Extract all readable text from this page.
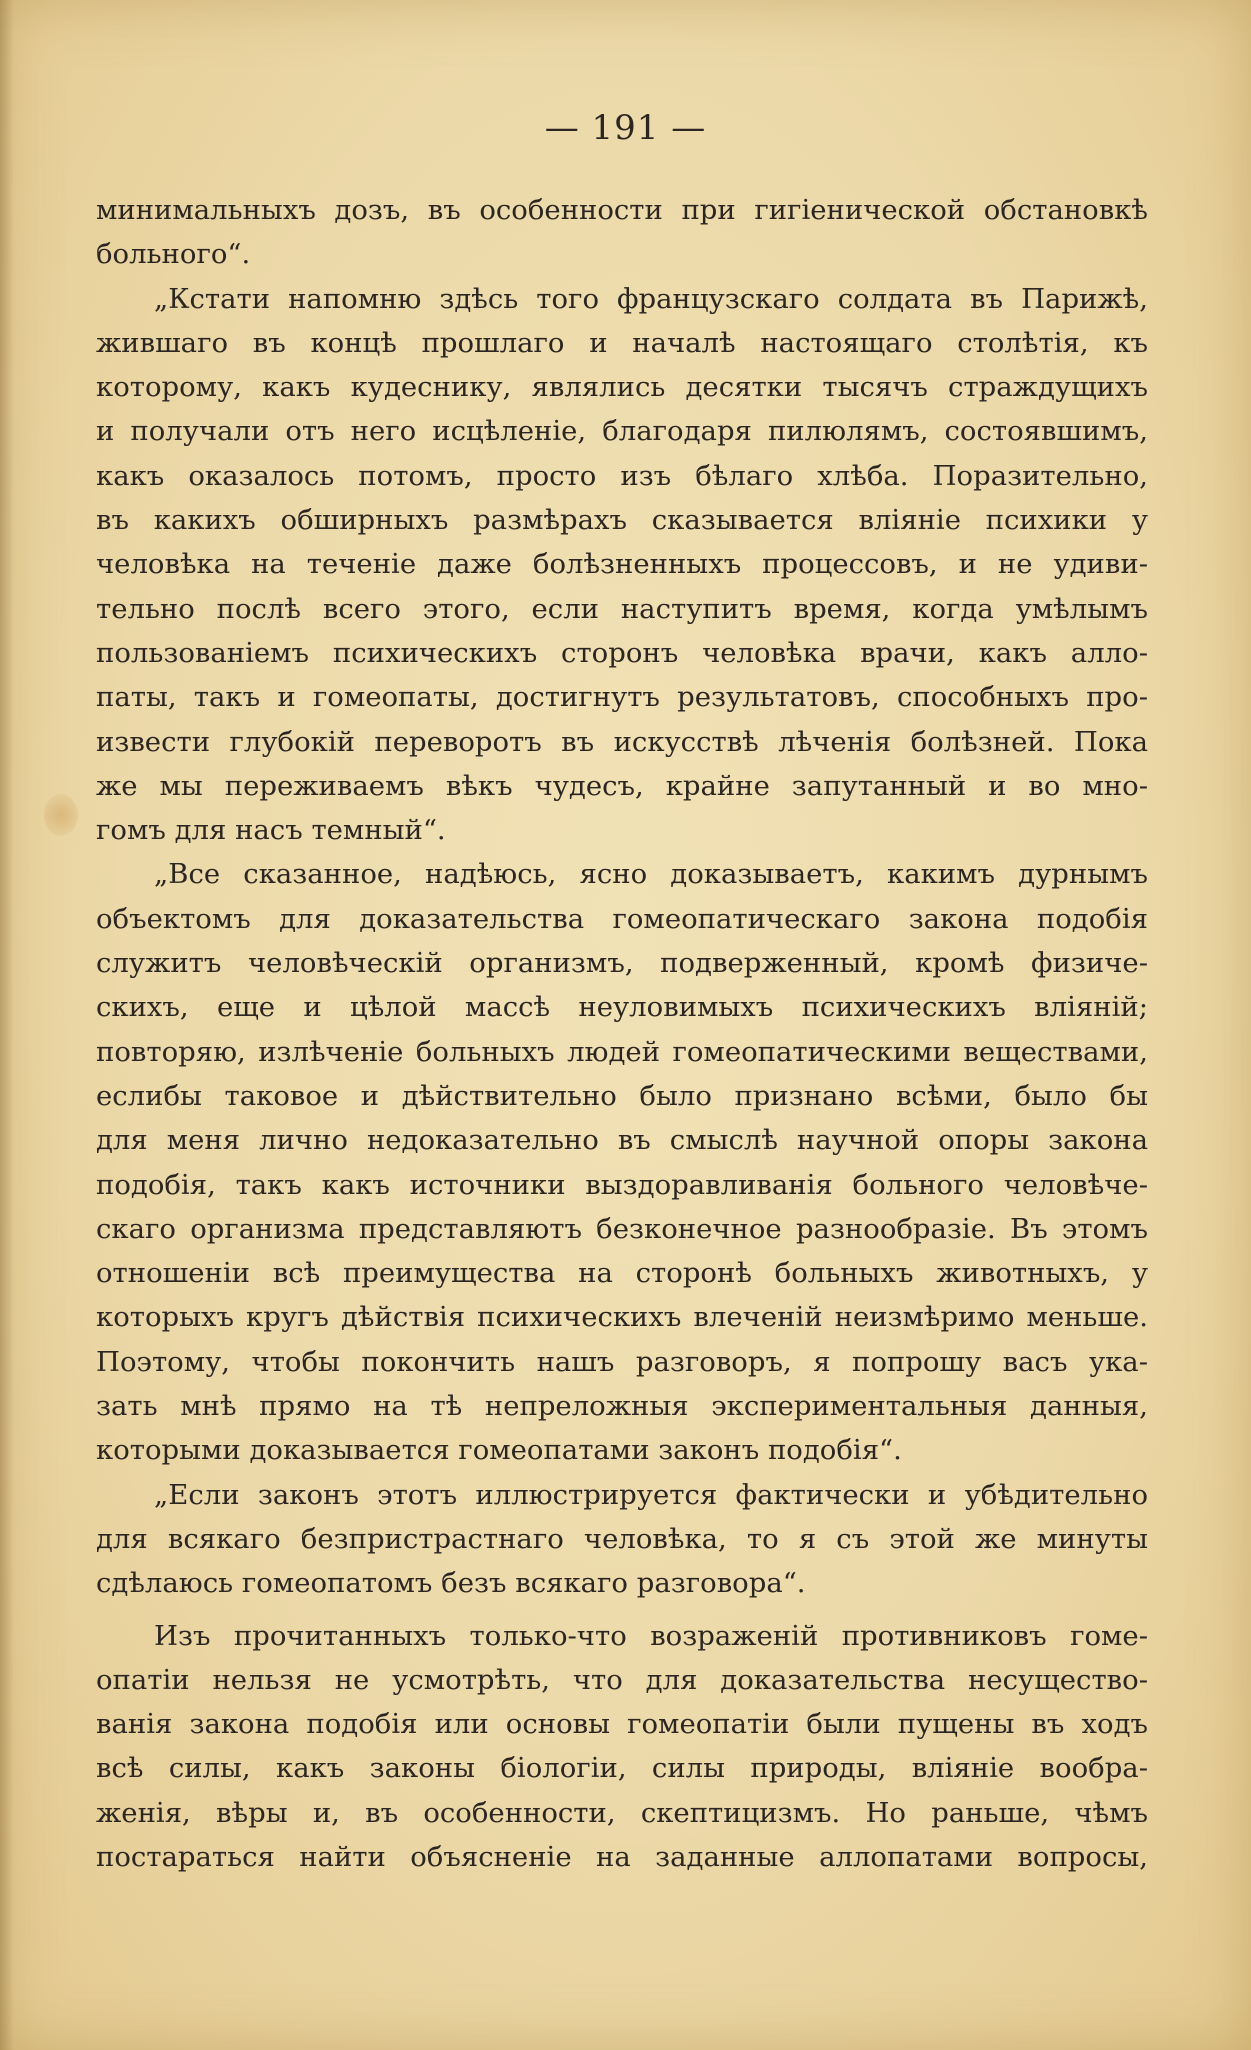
— 191 —
минимальныхъ дозъ, въ особенности при гигіенической обстановкѣ
больного“.
„Кстати напомню здѣсь того французскаго солдата въ Парижѣ,
жившаго въ концѣ прошлаго и началѣ настоящаго столѣтія, къ
которому, какъ кудеснику, являлись десятки тысячъ страждущихъ
и получали отъ него исцѣленіе, благодаря пилюлямъ, состоявшимъ,
какъ оказалось потомъ, просто изъ бѣлаго хлѣба. Поразительно,
въ какихъ обширныхъ размѣрахъ сказывается вліяніе психики у
человѣка на теченіе даже болѣзненныхъ процессовъ, и не удиви-
тельно послѣ всего этого, если наступитъ время, когда умѣлымъ
пользованіемъ психическихъ сторонъ человѣка врачи, какъ алло-
паты, такъ и гомеопаты, достигнутъ результатовъ, способныхъ про-
извести глубокій переворотъ въ искусствѣ лѣченія болѣзней. Пока
же мы переживаемъ вѣкъ чудесъ, крайне запутанный и во мно-
гомъ для насъ темный“.
„Все сказанное, надѣюсь, ясно доказываетъ, какимъ дурнымъ
объектомъ для доказательства гомеопатическаго закона подобія
служитъ человѣческій организмъ, подверженный, кромѣ физиче-
скихъ, еще и цѣлой массѣ неуловимыхъ психическихъ вліяній;
повторяю, излѣченіе больныхъ людей гомеопатическими веществами,
еслибы таковое и дѣйствительно было признано всѣми, было бы
для меня лично недоказательно въ смыслѣ научной опоры закона
подобія, такъ какъ источники выздоравливанія больного человѣче-
скаго организма представляютъ безконечное разнообразіе. Въ этомъ
отношеніи всѣ преимущества на сторонѣ больныхъ животныхъ, у
которыхъ кругъ дѣйствія психическихъ влеченій неизмѣримо меньше.
Поэтому, чтобы покончить нашъ разговоръ, я попрошу васъ ука-
зать мнѣ прямо на тѣ непреложныя экспериментальныя данныя,
которыми доказывается гомеопатами законъ подобія“.
„Если законъ этотъ иллюстрируется фактически и убѣдительно
для всякаго безпристрастнаго человѣка, то я съ этой же минуты
сдѣлаюсь гомеопатомъ безъ всякаго разговора“.
Изъ прочитанныхъ только-что возраженій противниковъ гоме-
опатіи нельзя не усмотрѣть, что для доказательства несущество-
ванія закона подобія или основы гомеопатіи были пущены въ ходъ
всѣ силы, какъ законы біологіи, силы природы, вліяніе вообра-
женія, вѣры и, въ особенности, скептицизмъ. Но раньше, чѣмъ
постараться найти объясненіе на заданные аллопатами вопросы,
